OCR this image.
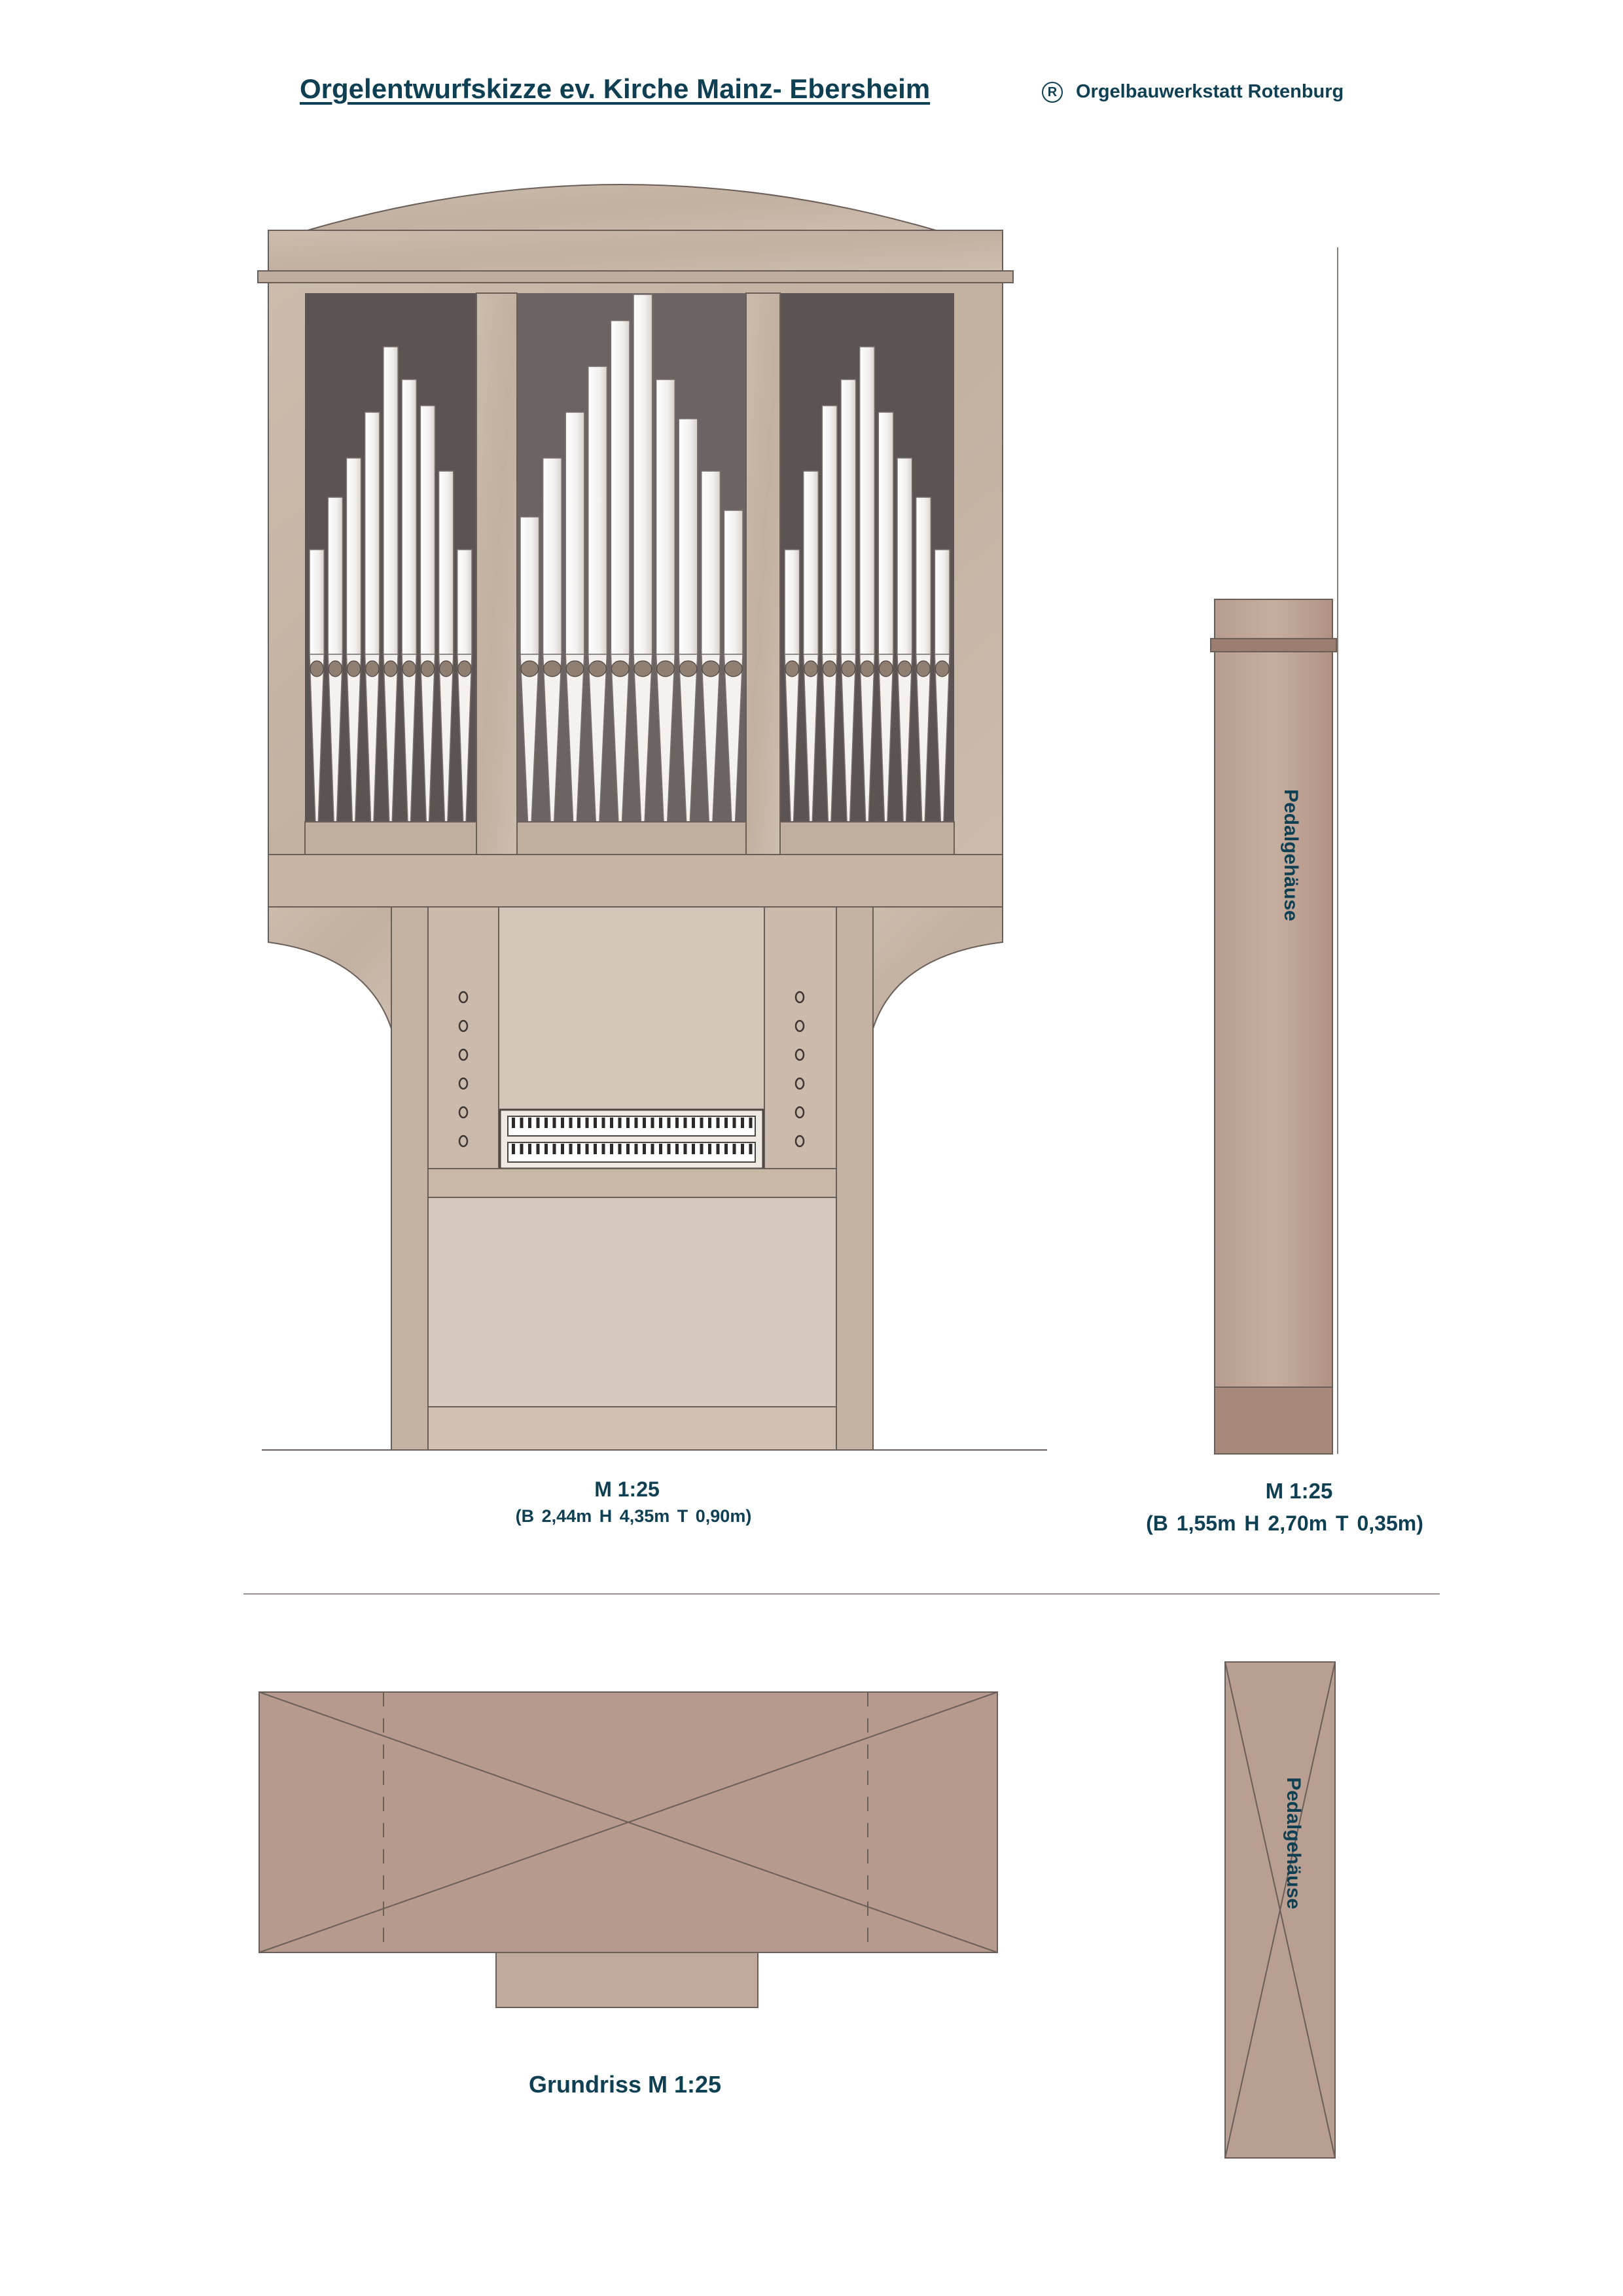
Orgelentwurfskizze ev. Kirche Mainz- Ebersheim	R Orgelbauwerkstatt Rotenburg
M 1:25
(B 2,44m H 4,35m T 0,90m)
M 1:25
(B 1,55m H 2,70m T 0,35m)
Pedalgehäuse
Grundriss M 1:25
Pedalgehäuse
